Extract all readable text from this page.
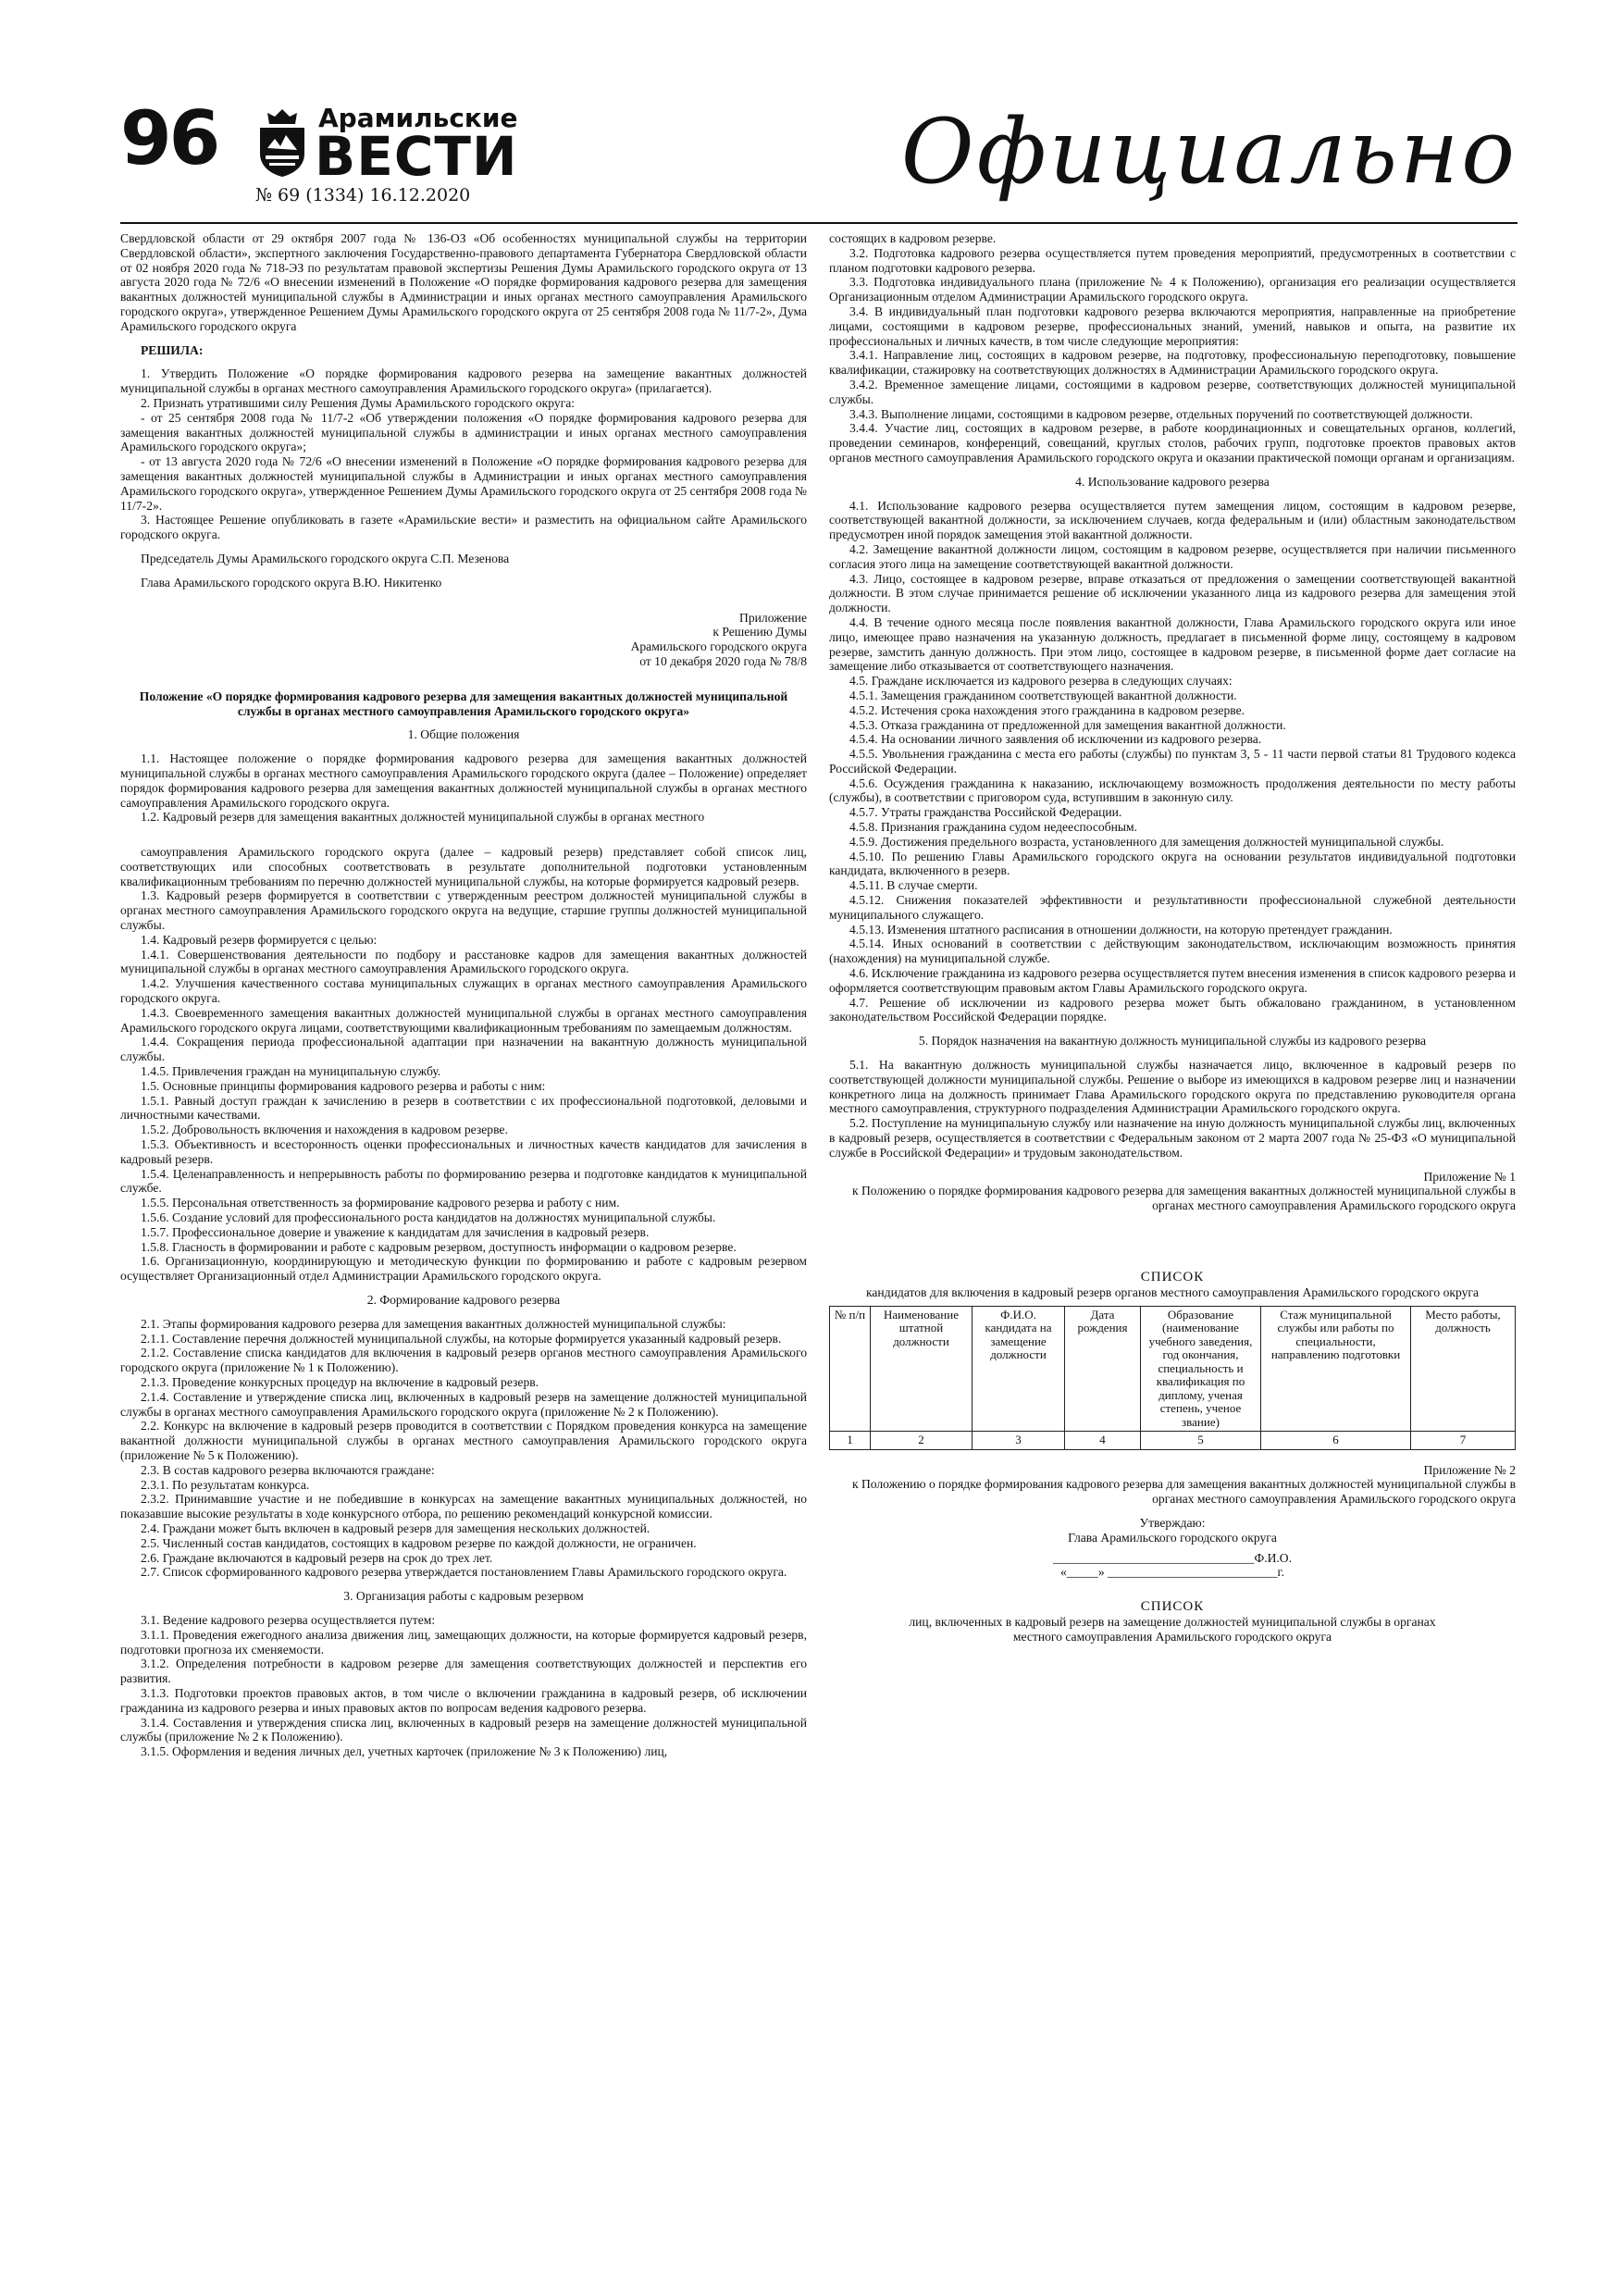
96	Арамильские
ВЕСТИ
№ 69 (1334) 16.12.2020	Официально

Свердловской области от 29 октября 2007 года № 136-ОЗ «Об особенностях муниципальной службы на территории Свердловской области», экспертного заключения Государственно-правового департамента Губернатора Свердловской области от 02 ноября 2020 года № 718-ЭЗ по результатам правовой экспертизы Решения Думы Арамильского городского округа от 13 августа 2020 года № 72/6 «О внесении изменений в Положение «О порядке формирования кадрового резерва для замещения вакантных должностей муниципальной службы в Администрации и иных органах местного самоуправления Арамильского городского округа», утвержденное Решением Думы Арамильского городского округа от 25 сентября 2008 года № 11/7-2», Дума Арамильского городского округа

РЕШИЛА:

1. Утвердить Положение «О порядке формирования кадрового резерва на замещение вакантных должностей муниципальной службы в органах местного самоуправления Арамильского городского округа» (прилагается).

2. Признать утратившими силу Решения Думы Арамильского городского округа:

- от 25 сентября 2008 года № 11/7-2 «Об утверждении положения «О порядке формирования кадрового резерва для замещения вакантных должностей муниципальной службы в администрации и иных органах местного самоуправления Арамильского городского округа»;

- от 13 августа 2020 года № 72/6 «О внесении изменений в Положение «О порядке формирования кадрового резерва для замещения вакантных должностей муниципальной службы в Администрации и иных органах местного самоуправления Арамильского городского округа», утвержденное Решением Думы Арамильского городского округа от 25 сентября 2008 года № 11/7-2».

3. Настоящее Решение опубликовать в газете «Арамильские вести» и разместить на официальном сайте Арамильского городского округа.

Председатель Думы Арамильского городского округа С.П. Мезенова

Глава Арамильского городского округа В.Ю. Никитенко

Приложение

к Решению Думы

Арамильского городского округа

от 10 декабря 2020 года № 78/8

Положение «О порядке формирования кадрового резерва для замещения вакантных должностей муниципальной службы в органах местного самоуправления Арамильского городского округа»

1. Общие положения

1.1. Настоящее положение о порядке формирования кадрового резерва для замещения вакантных должностей муниципальной службы в органах местного самоуправления Арамильского городского округа (далее – Положение) определяет порядок формирования кадрового резерва для замещения вакантных должностей муниципальной службы в органах местного самоуправления Арамильского городского округа.

1.2. Кадровый резерв для замещения вакантных должностей муниципальной службы в органах местного

самоуправления Арамильского городского округа (далее – кадровый резерв) представляет собой список лиц, соответствующих или способных соответствовать в результате дополнительной подготовки установленным квалификационным требованиям по перечню должностей муниципальной службы, на которые формируется кадровый резерв.

1.3. Кадровый резерв формируется в соответствии с утвержденным реестром должностей муниципальной службы в органах местного самоуправления Арамильского городского округа на ведущие, старшие группы должностей муниципальной службы.

1.4. Кадровый резерв формируется с целью:

1.4.1. Совершенствования деятельности по подбору и расстановке кадров для замещения вакантных должностей муниципальной службы в органах местного самоуправления Арамильского городского округа.

1.4.2. Улучшения качественного состава муниципальных служащих в органах местного самоуправления Арамильского городского округа.

1.4.3. Своевременного замещения вакантных должностей муниципальной службы в органах местного самоуправления Арамильского городского округа лицами, соответствующими квалификационным требованиям по замещаемым должностям.

1.4.4. Сокращения периода профессиональной адаптации при назначении на вакантную должность муниципальной службы.

1.4.5. Привлечения граждан на муниципальную службу.

1.5. Основные принципы формирования кадрового резерва и работы с ним:

1.5.1. Равный доступ граждан к зачислению в резерв в соответствии с их профессиональной подготовкой, деловыми и личностными качествами.

1.5.2. Добровольность включения и нахождения в кадровом резерве.

1.5.3. Объективность и всесторонность оценки профессиональных и личностных качеств кандидатов для зачисления в кадровый резерв.

1.5.4. Целенаправленность и непрерывность работы по формированию резерва и подготовке кандидатов к муниципальной службе.

1.5.5. Персональная ответственность за формирование кадрового резерва и работу с ним.

1.5.6. Создание условий для профессионального роста кандидатов на должностях муниципальной службы.

1.5.7. Профессиональное доверие и уважение к кандидатам для зачисления в кадровый резерв.

1.5.8. Гласность в формировании и работе с кадровым резервом, доступность информации о кадровом резерве.

1.6. Организационную, координирующую и методическую функции по формированию и работе с кадровым резервом осуществляет Организационный отдел Администрации Арамильского городского округа.

2. Формирование кадрового резерва

2.1. Этапы формирования кадрового резерва для замещения вакантных должностей муниципальной службы:

2.1.1. Составление перечня должностей муниципальной службы, на которые формируется указанный кадровый резерв.

2.1.2. Составление списка кандидатов для включения в кадровый резерв органов местного самоуправления Арамильского городского округа (приложение № 1 к Положению).

2.1.3. Проведение конкурсных процедур на включение в кадровый резерв.

2.1.4. Составление и утверждение списка лиц, включенных в кадровый резерв на замещение должностей муниципальной службы в органах местного самоуправления Арамильского городского округа (приложение № 2 к Положению).

2.2. Конкурс на включение в кадровый резерв проводится в соответствии с Порядком проведения конкурса на замещение вакантной должности муниципальной службы в органах местного самоуправления Арамильского городского округа (приложение № 5 к Положению).

2.3. В состав кадрового резерва включаются граждане:

2.3.1. По результатам конкурса.

2.3.2. Принимавшие участие и не победившие в конкурсах на замещение вакантных муниципальных должностей, но показавшие высокие результаты в ходе конкурсного отбора, по решению рекомендаций конкурсной комиссии.

2.4. Граждани может быть включен в кадровый резерв для замещения нескольких должностей.

2.5. Численный состав кандидатов, состоящих в кадровом резерве по каждой должности, не ограничен.

2.6. Граждане включаются в кадровый резерв на срок до трех лет.

2.7. Список сформированного кадрового резерва утверждается постановлением Главы Арамильского городского округа.

3. Организация работы с кадровым резервом

3.1. Ведение кадрового резерва осуществляется путем:

3.1.1. Проведения ежегодного анализа движения лиц, замещающих должности, на которые формируется кадровый резерв, подготовки прогноза их сменяемости.

3.1.2. Определения потребности в кадровом резерве для замещения соответствующих должностей и перспектив его развития.

3.1.3. Подготовки проектов правовых актов, в том числе о включении гражданина в кадровый резерв, об исключении гражданина из кадрового резерва и иных правовых актов по вопросам ведения кадрового резерва.

3.1.4. Составления и утверждения списка лиц, включенных в кадровый резерв на замещение должностей муниципальной службы (приложение № 2 к Положению).

3.1.5. Оформления и ведения личных дел, учетных карточек (приложение № 3 к Положению) лиц,

состоящих в кадровом резерве.

3.2. Подготовка кадрового резерва осуществляется путем проведения мероприятий, предусмотренных в соответствии с планом подготовки кадрового резерва.

3.3. Подготовка индивидуального плана (приложение № 4 к Положению), организация его реализации осуществляется Организационным отделом Администрации Арамильского городского округа.

3.4. В индивидуальный план подготовки кадрового резерва включаются мероприятия, направленные на приобретение лицами, состоящими в кадровом резерве, профессиональных знаний, умений, навыков и опыта, на развитие их профессиональных и личных качеств, в том числе следующие мероприятия:

3.4.1. Направление лиц, состоящих в кадровом резерве, на подготовку, профессиональную переподготовку, повышение квалификации, стажировку на соответствующих должностях в Администрации Арамильского городского округа.

3.4.2. Временное замещение лицами, состоящими в кадровом резерве, соответствующих должностей муниципальной службы.

3.4.3. Выполнение лицами, состоящими в кадровом резерве, отдельных поручений по соответствующей должности.

3.4.4. Участие лиц, состоящих в кадровом резерве, в работе координационных и совещательных органов, коллегий, проведении семинаров, конференций, совещаний, круглых столов, рабочих групп, подготовке проектов правовых актов органов местного самоуправления Арамильского городского округа и оказании практической помощи органам и организациям.

4. Использование кадрового резерва

4.1. Использование кадрового резерва осуществляется путем замещения лицом, состоящим в кадровом резерве, соответствующей вакантной должности, за исключением случаев, когда федеральным и (или) областным законодательством предусмотрен иной порядок замещения этой вакантной должности.

4.2. Замещение вакантной должности лицом, состоящим в кадровом резерве, осуществляется при наличии письменного согласия этого лица на замещение соответствующей вакантной должности.

4.3. Лицо, состоящее в кадровом резерве, вправе отказаться от предложения о замещении соответствующей вакантной должности. В этом случае принимается решение об исключении указанного лица из кадрового резерва для замещения этой должности.

4.4. В течение одного месяца после появления вакантной должности, Глава Арамильского городского округа или иное лицо, имеющее право назначения на указанную должность, предлагает в письменной форме лицу, состоящему в кадровом резерве, замстить данную должность. При этом лицо, состоящее в кадровом резерве, в письменной форме дает согласие на замещение либо отказывается от соответствующего назначения.

4.5. Граждане исключается из кадрового резерва в следующих случаях:

4.5.1. Замещения гражданином соответствующей вакантной должности.

4.5.2. Истечения срока нахождения этого гражданина в кадровом резерве.

4.5.3. Отказа гражданина от предложенной для замещения вакантной должности.

4.5.4. На основании личного заявления об исключении из кадрового резерва.

4.5.5. Увольнения гражданина с места его работы (службы) по пунктам 3, 5 - 11 части первой статьи 81 Трудового кодекса Российской Федерации.

4.5.6. Осуждения гражданина к наказанию, исключающему возможность продолжения деятельности по месту работы (службы), в соответствии с приговором суда, вступившим в законную силу.

4.5.7. Утраты гражданства Российской Федерации.

4.5.8. Признания гражданина судом недееспособным.

4.5.9. Достижения предельного возраста, установленного для замещения должностей муниципальной службы.

4.5.10. По решению Главы Арамильского городского округа на основании результатов индивидуальной подготовки кандидата, включенного в резерв.

4.5.11. В случае смерти.

4.5.12. Снижения показателей эффективности и результативности профессиональной служебной деятельности муниципального служащего.

4.5.13. Изменения штатного расписания в отношении должности, на которую претендует гражданин.

4.5.14. Иных оснований в соответствии с действующим законодательством, исключающим возможность принятия (нахождения) на муниципальной службе.

4.6. Исключение гражданина из кадрового резерва осуществляется путем внесения изменения в список кадрового резерва и оформляется соответствующим правовым актом Главы Арамильского городского округа.

4.7. Решение об исключении из кадрового резерва может быть обжаловано гражданином, в установленном законодательством Российской Федерации порядке.

5. Порядок назначения на вакантную должность муниципальной службы из кадрового резерва

5.1. На вакантную должность муниципальной службы назначается лицо, включенное в кадровый резерв по соответствующей должности муниципальной службы. Решение о выборе из имеющихся в кадровом резерве лиц и назначении конкретного лица на должность принимает Глава Арамильского городского округа по представлению руководителя органа местного самоуправления, структурного подразделения Администрации Арамильского городского округа.

5.2. Поступление на муниципальную службу или назначение на иную должность муниципальной службы лиц, включенных в кадровый резерв, осуществляется в соответствии с Федеральным законом от 2 марта 2007 года № 25-ФЗ «О муниципальной службе в Российской Федерации» и трудовым законодательством.

Приложение № 1

к Положению о порядке формирования кадрового резерва для замещения вакантных должностей муниципальной службы в органах местного самоуправления Арамильского городского округа

СПИСОК

кандидатов для включения в кадровый резерв органов местного самоуправления Арамильского городского округа

№ п/п	Наименование штатной должности	Ф.И.О. кандидата на замещение должности	Дата рождения	Образование (наименование учебного заведения, год окончания, специальность и квалификация по диплому, ученая степень, ученое звание)	Стаж муниципальной службы или работы по специальности, направлению подготовки	Место работы, должность
1	2	3	4	5	6	7

Приложение № 2

к Положению о порядке формирования кадрового резерва для замещения вакантных должностей муниципальной службы в органах местного самоуправления Арамильского городского округа

Утверждаю:

Глава Арамильского городского округа

________________________________Ф.И.О.

«_____» ___________________________г.

СПИСОК

лиц, включенных в кадровый резерв на замещение должностей муниципальной службы в органах местного самоуправления Арамильского городского округа
